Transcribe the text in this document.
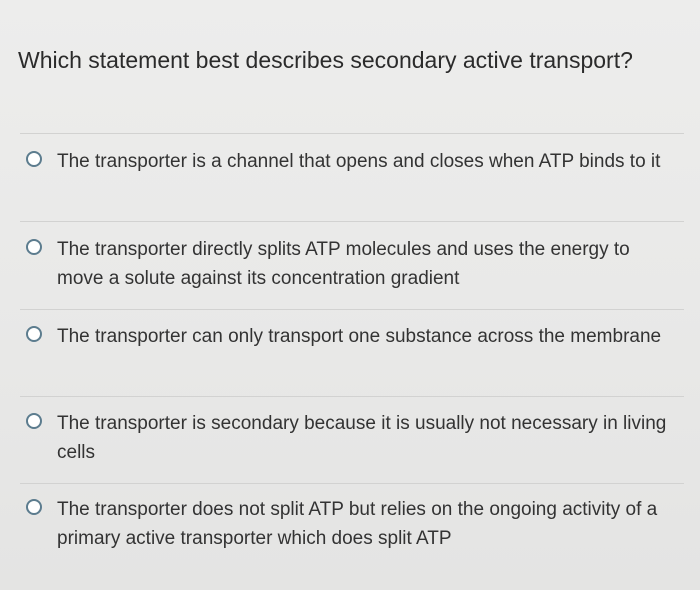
Which statement best describes secondary active transport?
The transporter is a channel that opens and closes when ATP binds to it
The transporter directly splits ATP molecules and uses the energy to move a solute against its concentration gradient
The transporter can only transport one substance across the membrane
The transporter is secondary because it is usually not necessary in living cells
The transporter does not split ATP but relies on the ongoing activity of a primary active transporter which does split ATP
